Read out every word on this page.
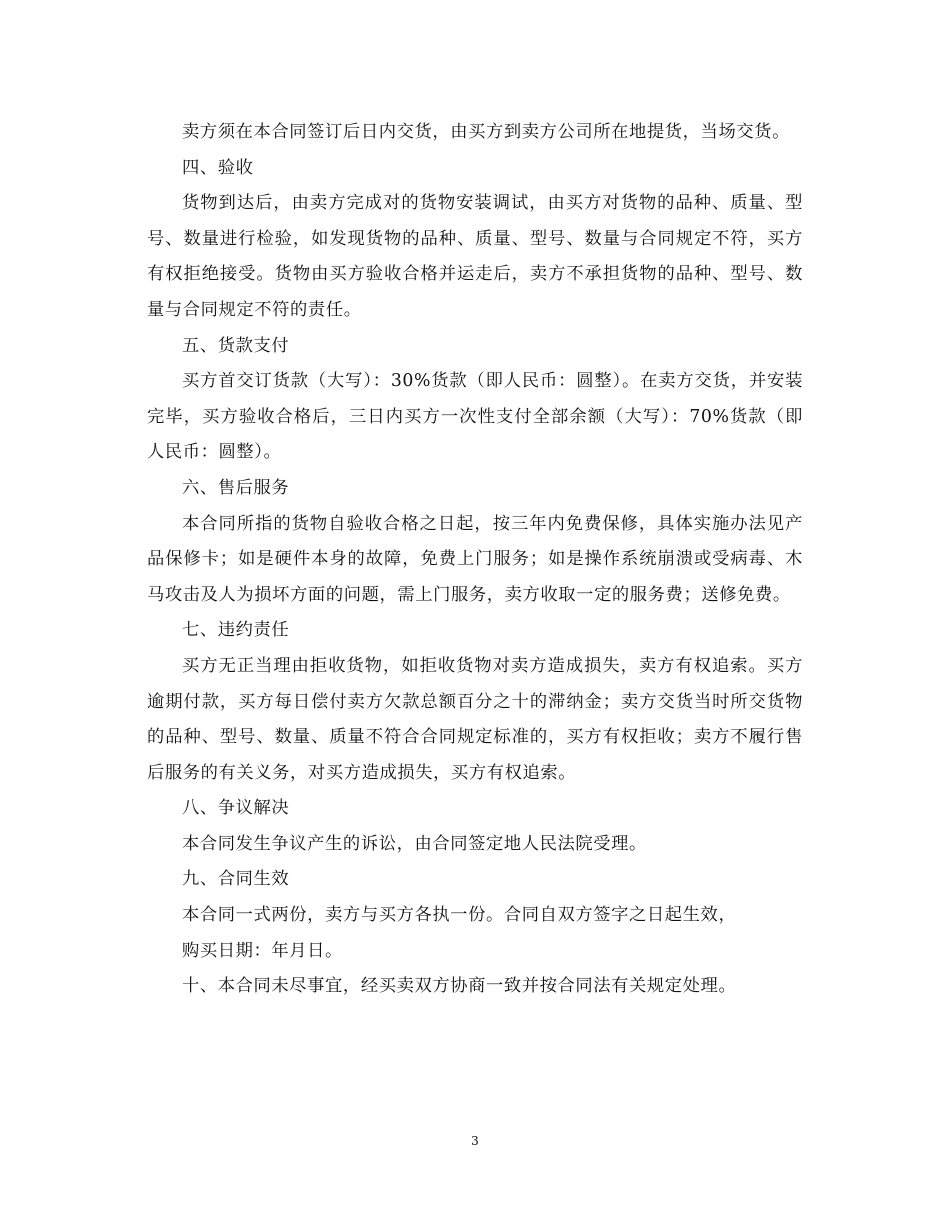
卖方须在本合同签订后日内交货，由买方到卖方公司所在地提货，当场交货。

四、验收

货物到达后，由卖方完成对的货物安装调试，由买方对货物的品种、质量、型号、数量进行检验，如发现货物的品种、质量、型号、数量与合同规定不符，买方有权拒绝接受。货物由买方验收合格并运走后，卖方不承担货物的品种、型号、数量与合同规定不符的责任。

五、货款支付

买方首交订货款（大写）：30%货款（即人民币：圆整）。在卖方交货，并安装完毕，买方验收合格后，三日内买方一次性支付全部余额（大写）：70%货款（即人民币：圆整）。

六、售后服务

本合同所指的货物自验收合格之日起，按三年内免费保修，具体实施办法见产品保修卡；如是硬件本身的故障，免费上门服务；如是操作系统崩溃或受病毒、木马攻击及人为损坏方面的问题，需上门服务，卖方收取一定的服务费；送修免费。

七、违约责任

买方无正当理由拒收货物，如拒收货物对卖方造成损失，卖方有权追索。买方逾期付款，买方每日偿付卖方欠款总额百分之十的滞纳金；卖方交货当时所交货物的品种、型号、数量、质量不符合合同规定标准的，买方有权拒收；卖方不履行售后服务的有关义务，对买方造成损失，买方有权追索。

八、争议解决

本合同发生争议产生的诉讼，由合同签定地人民法院受理。

九、合同生效

本合同一式两份，卖方与买方各执一份。合同自双方签字之日起生效，

购买日期：年月日。

十、本合同未尽事宜，经买卖双方协商一致并按合同法有关规定处理。

3
